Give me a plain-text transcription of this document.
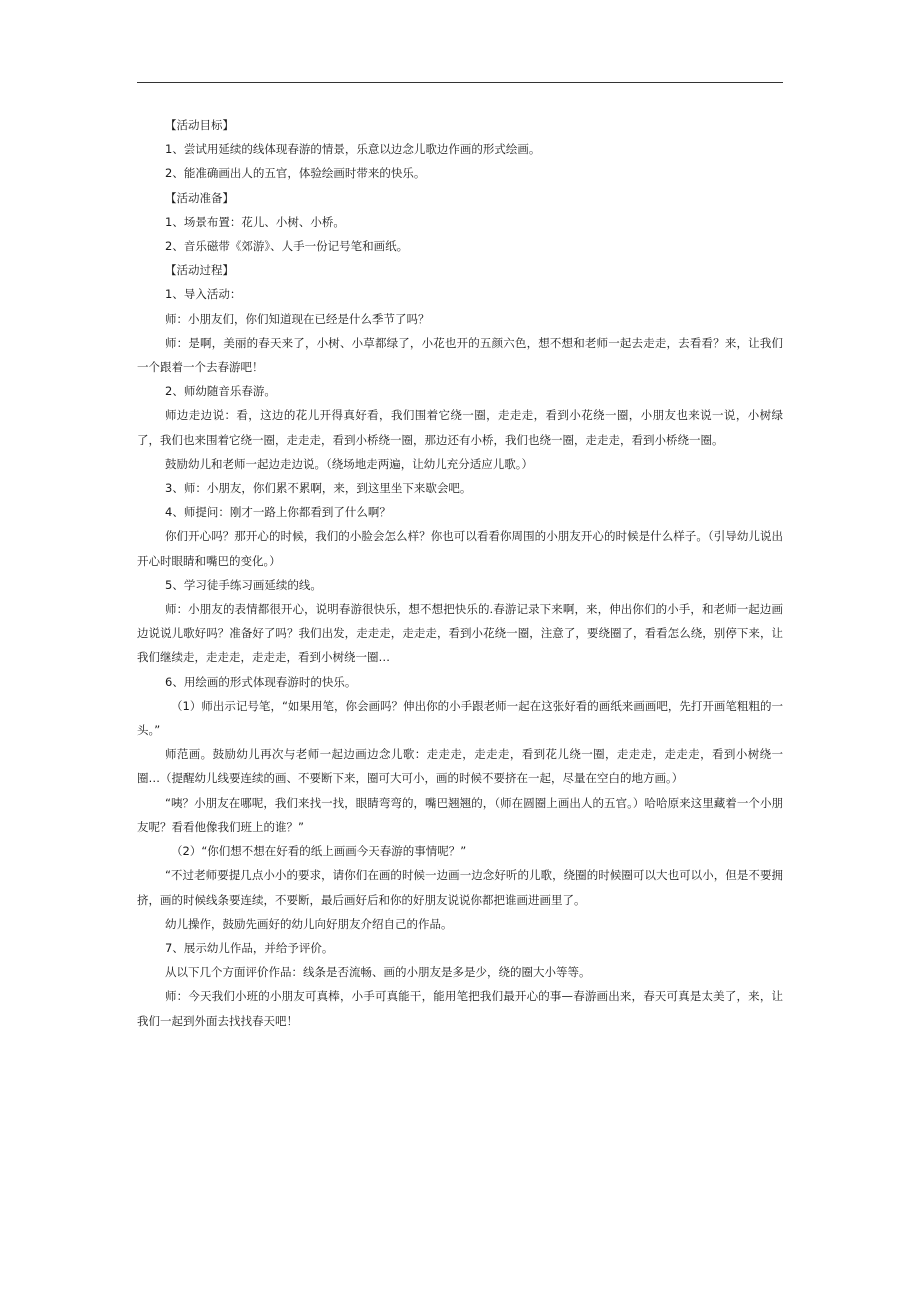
【活动目标】

1、尝试用延续的线体现春游的情景，乐意以边念儿歌边作画的形式绘画。

2、能准确画出人的五官，体验绘画时带来的快乐。

【活动准备】

1、场景布置：花儿、小树、小桥。

2、音乐磁带《郊游》、人手一份记号笔和画纸。

【活动过程】

1、导入活动：

师：小朋友们，你们知道现在已经是什么季节了吗？

师：是啊，美丽的春天来了，小树、小草都绿了，小花也开的五颜六色，想不想和老师一起去走走，去看看？来，让我们一个跟着一个去春游吧！

2、师幼随音乐春游。

师边走边说：看，这边的花儿开得真好看，我们围着它绕一圈，走走走，看到小花绕一圈，小朋友也来说一说，小树绿了，我们也来围着它绕一圈，走走走，看到小桥绕一圈，那边还有小桥，我们也绕一圈，走走走，看到小桥绕一圈。

鼓励幼儿和老师一起边走边说。（绕场地走两遍，让幼儿充分适应儿歌。）

3、师：小朋友，你们累不累啊，来，到这里坐下来歇会吧。

4、师提问：刚才一路上你都看到了什么啊？

你们开心吗？那开心的时候，我们的小脸会怎么样？你也可以看看你周围的小朋友开心的时候是什么样子。（引导幼儿说出开心时眼睛和嘴巴的变化。）

5、学习徒手练习画延续的线。

师：小朋友的表情都很开心，说明春游很快乐，想不想把快乐的.春游记录下来啊，来，伸出你们的小手，和老师一起边画边说说儿歌好吗？准备好了吗？我们出发，走走走，走走走，看到小花绕一圈，注意了，要绕圈了，看看怎么绕，别停下来，让我们继续走，走走走，走走走，看到小树绕一圈…

6、用绘画的形式体现春游时的快乐。

（1）师出示记号笔，“如果用笔，你会画吗？伸出你的小手跟老师一起在这张好看的画纸来画画吧，先打开画笔粗粗的一头。”

师范画。鼓励幼儿再次与老师一起边画边念儿歌：走走走，走走走，看到花儿绕一圈，走走走，走走走，看到小树绕一圈…（提醒幼儿线要连续的画、不要断下来，圈可大可小，画的时候不要挤在一起，尽量在空白的地方画。）

“咦？小朋友在哪呢，我们来找一找，眼睛弯弯的，嘴巴翘翘的，（师在圆圈上画出人的五官。）哈哈原来这里藏着一个小朋友呢？看看他像我们班上的谁？”

（2）“你们想不想在好看的纸上画画今天春游的事情呢？”

“不过老师要提几点小小的要求，请你们在画的时候一边画一边念好听的儿歌，绕圈的时候圈可以大也可以小，但是不要拥挤，画的时候线条要连续，不要断，最后画好后和你的好朋友说说你都把谁画进画里了。

幼儿操作，鼓励先画好的幼儿向好朋友介绍自己的作品。

7、展示幼儿作品，并给予评价。

从以下几个方面评价作品：线条是否流畅、画的小朋友是多是少，绕的圈大小等等。

师：今天我们小班的小朋友可真棒，小手可真能干，能用笔把我们最开心的事—春游画出来，春天可真是太美了，来，让我们一起到外面去找找春天吧！
